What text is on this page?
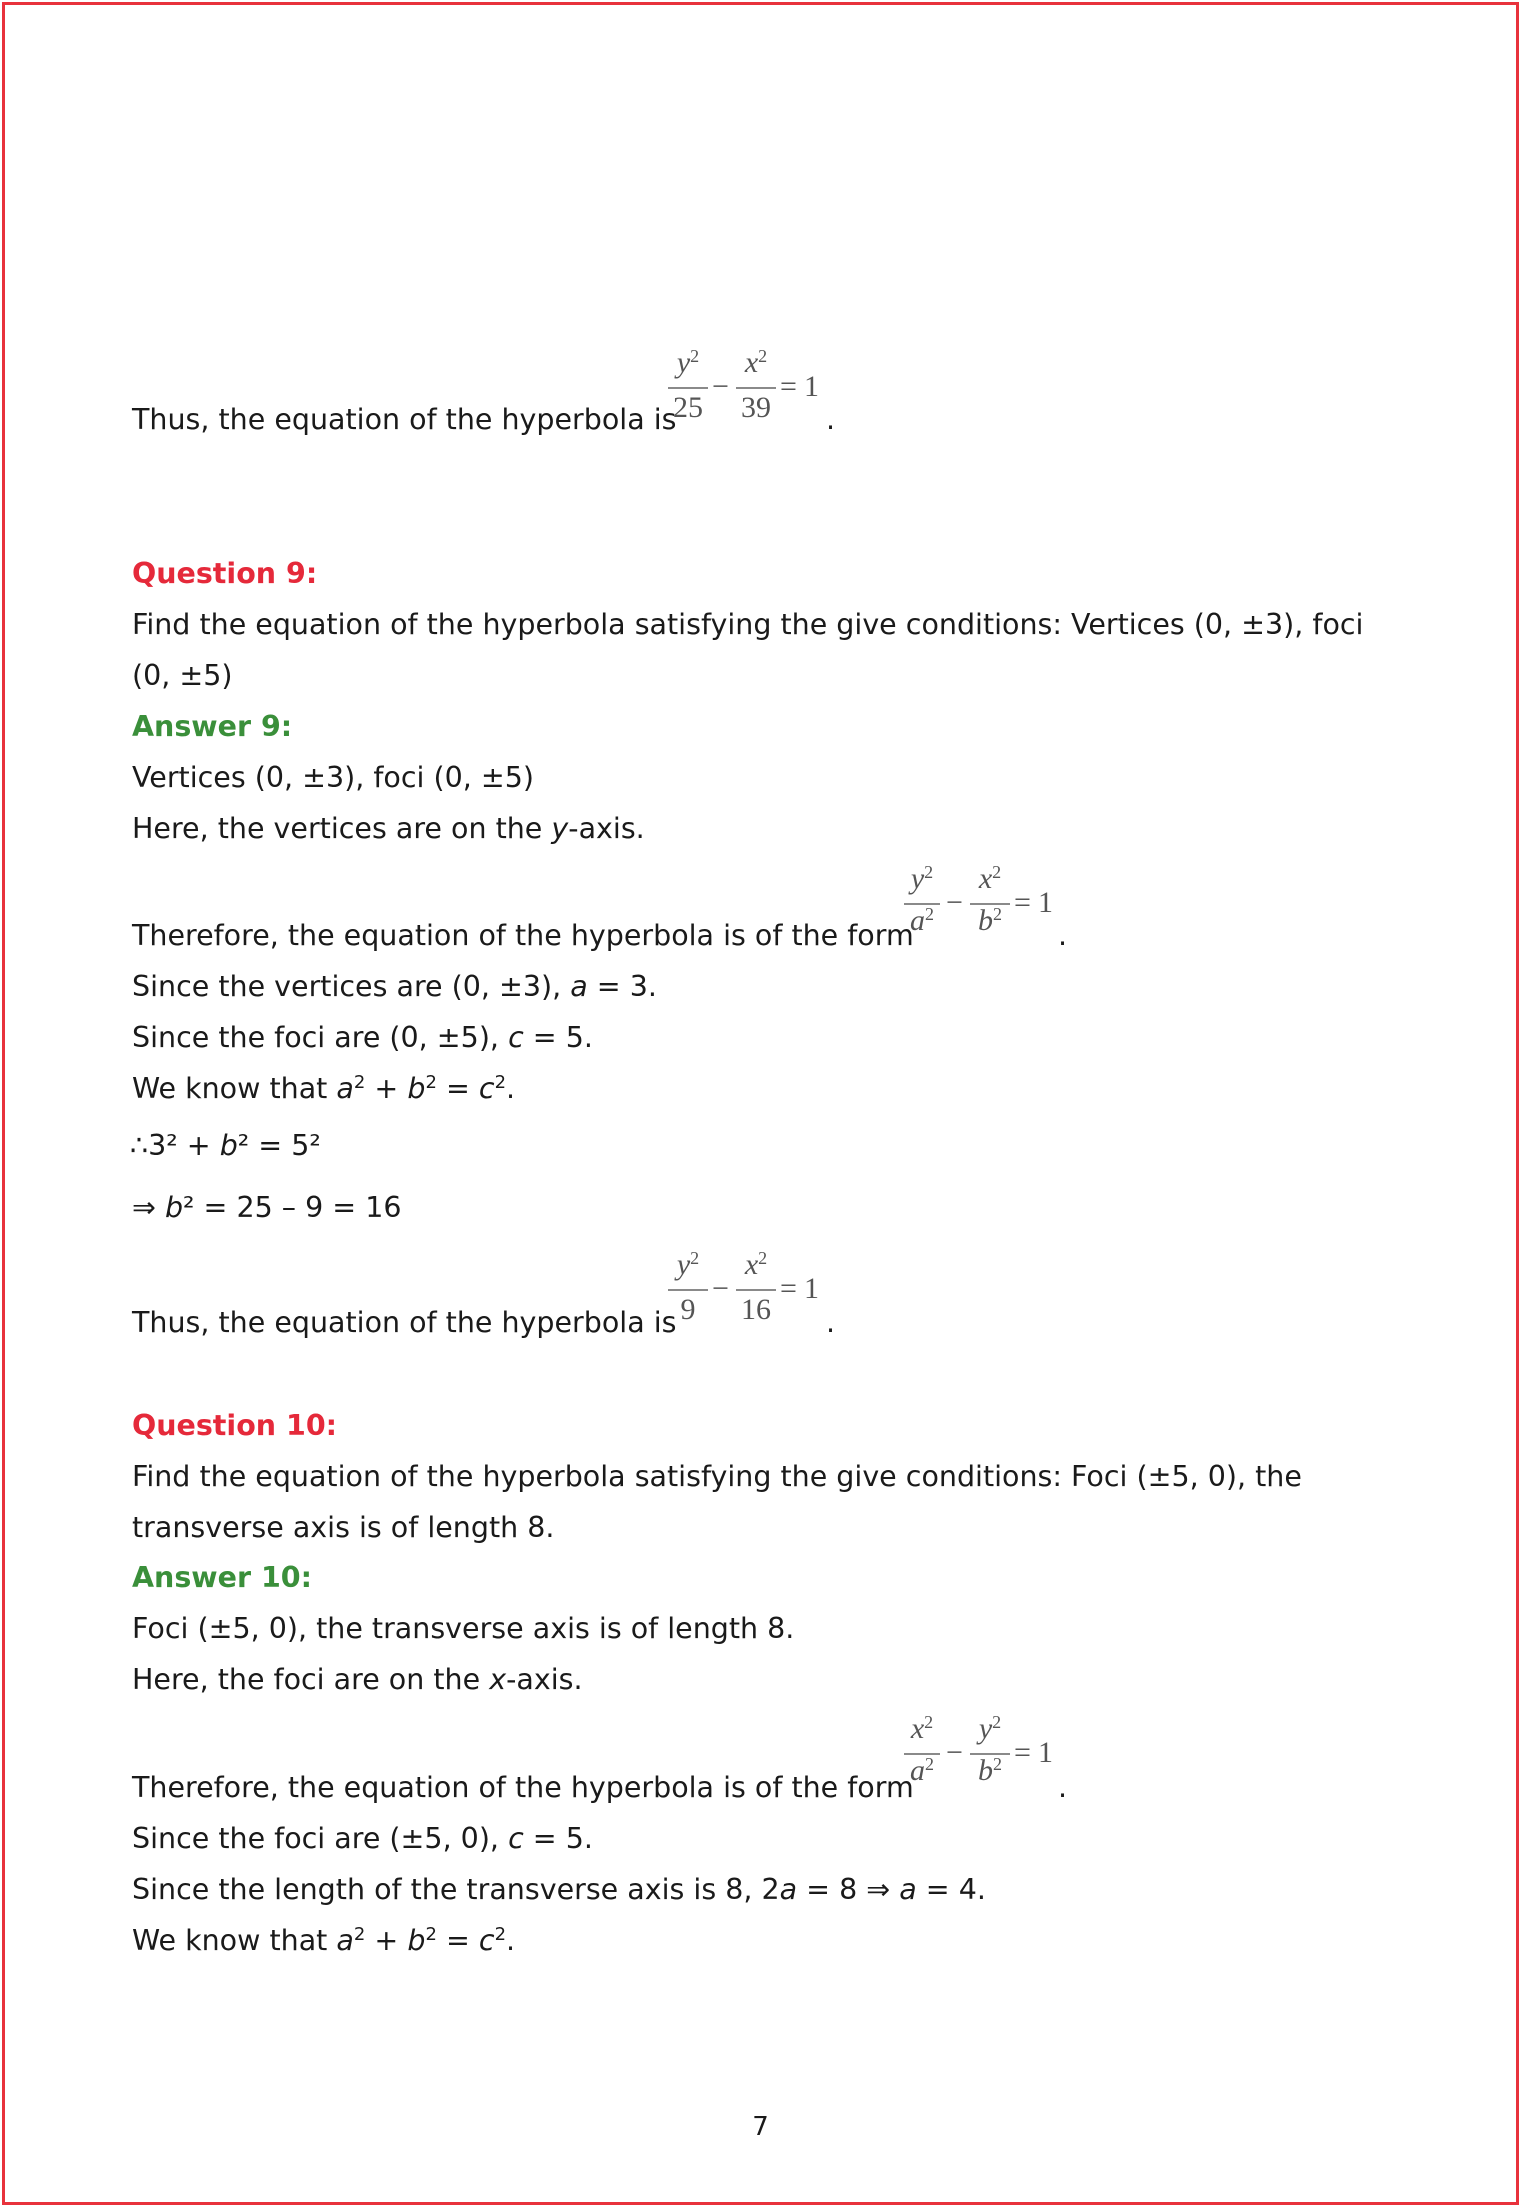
Thus, the equation of the hyperbola is
$y^2$
25
−
$x^2$
39
= 1
.
Question 9:
Find the equation of the hyperbola satisfying the give conditions: Vertices (0, ±3), foci
(0, ±5)
Answer 9:
Vertices (0, ±3), foci (0, ±5)
Here, the vertices are on the y-axis.
Therefore, the equation of the hyperbola is of the form
$y^2$
$a^2$ −
$x^2$
$b^2 = 1$
.
Since the vertices are (0, ±3), a = 3.
Since the foci are (0, ±5), c = 5.
We know that $a^2 + b^2 = c^2$.
∴3² + b² = 5²
⇒ b² = 25 – 9 = 16
Thus, the equation of the hyperbola is
$y^2$
9
−
$x^2$
16
= 1
.
Question 10:
Find the equation of the hyperbola satisfying the give conditions: Foci (±5, 0), the
transverse axis is of length 8.
Answer 10:
Foci (±5, 0), the transverse axis is of length 8.
Here, the foci are on the x-axis.
Therefore, the equation of the hyperbola is of the form
$x^2$
$a^2$ −
$y^2$
$b^2 = 1$
.
Since the foci are (±5, 0), c = 5.
Since the length of the transverse axis is 8, 2a = 8 ⇒ a = 4.
We know that $a^2 + b^2 = c^2$.
7
